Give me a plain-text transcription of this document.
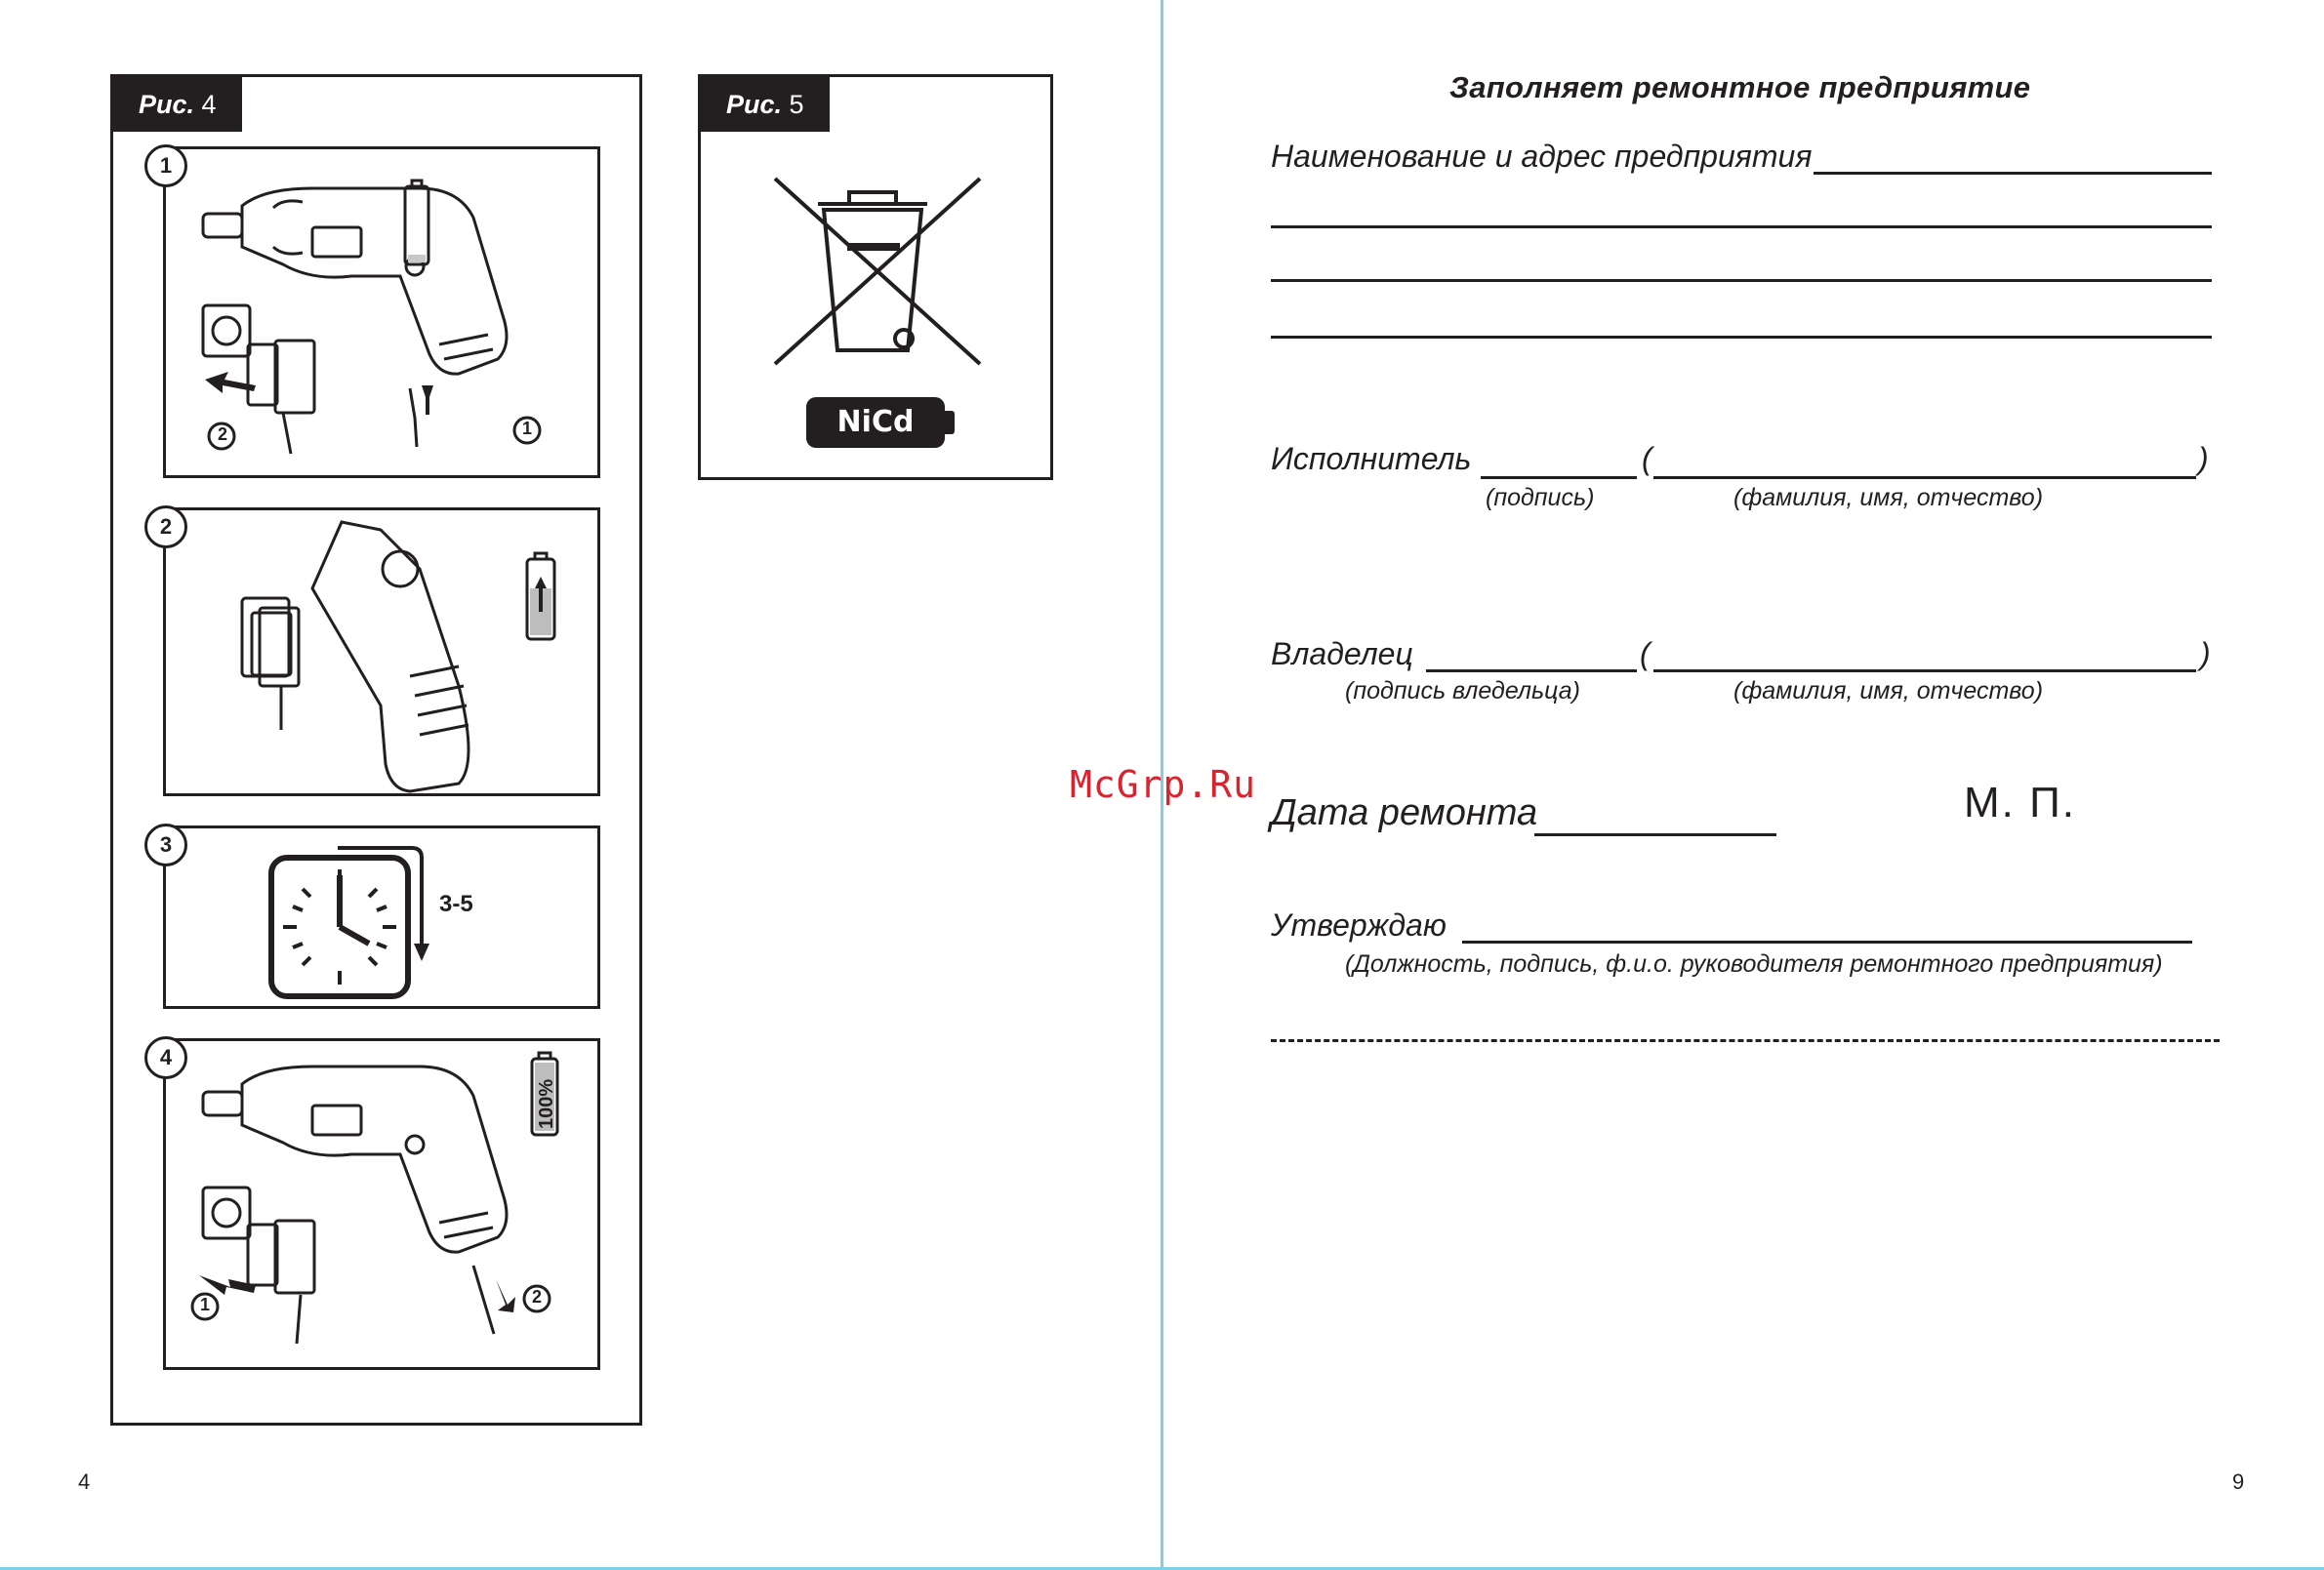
Рис. 4
2	1
1
2
3-5
3
100%
1	2
4
Рис. 5
NiCd
4
Заполняет ремонтное предприятие
Наименование и адрес предприятия
Исполнитель	(	)
(подпись)	(фамилия, имя, отчество)
Владелец	(	)
(подпись вледельца)	(фамилия, имя, отчество)
Дата ремонта	М. П.
Утверждаю
(Должность, подпись, ф.и.о. руководителя ремонтного предприятия)
9
McGrp.Ru
